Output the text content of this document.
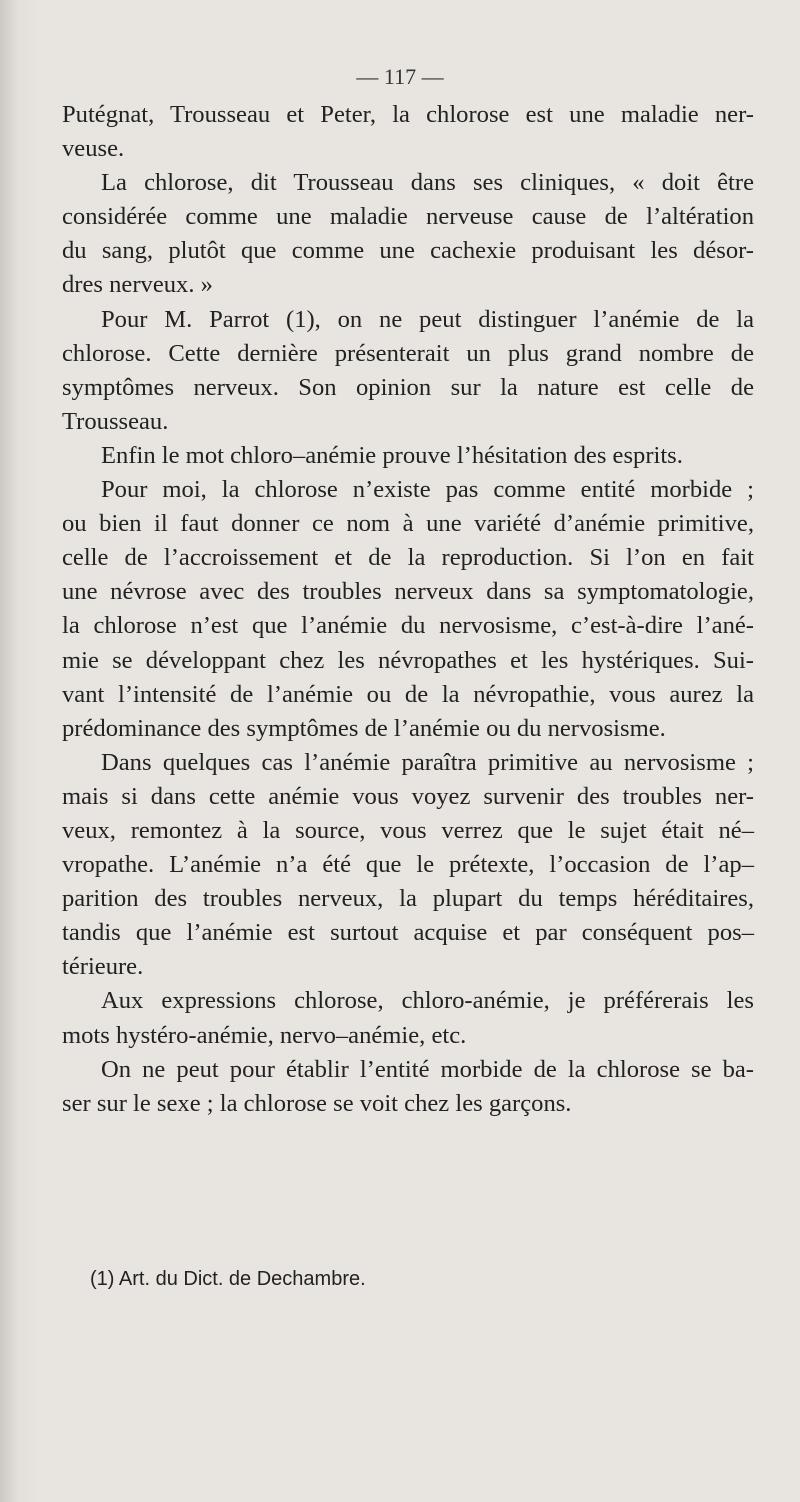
— 117 —
Putégnat, Trousseau et Peter, la chlorose est une maladie ner-
veuse.
La chlorose, dit Trousseau dans ses cliniques, « doit être
considérée comme une maladie nerveuse cause de l’altération
du sang, plutôt que comme une cachexie produisant les désor-
dres nerveux. »
Pour M. Parrot (1), on ne peut distinguer l’anémie de la
chlorose. Cette dernière présenterait un plus grand nombre de
symptômes nerveux. Son opinion sur la nature est celle de
Trousseau.
Enfin le mot chloro–anémie prouve l’hésitation des esprits.
Pour moi, la chlorose n’existe pas comme entité morbide ;
ou bien il faut donner ce nom à une variété d’anémie primitive,
celle de l’accroissement et de la reproduction. Si l’on en fait
une névrose avec des troubles nerveux dans sa symptomatologie,
la chlorose n’est que l’anémie du nervosisme, c’est-à-dire l’ané-
mie se développant chez les névropathes et les hystériques. Sui-
vant l’intensité de l’anémie ou de la névropathie, vous aurez la
prédominance des symptômes de l’anémie ou du nervosisme.
Dans quelques cas l’anémie paraîtra primitive au nervosisme ;
mais si dans cette anémie vous voyez survenir des troubles ner-
veux, remontez à la source, vous verrez que le sujet était né–
vropathe. L’anémie n’a été que le prétexte, l’occasion de l’ap–
parition des troubles nerveux, la plupart du temps héréditaires,
tandis que l’anémie est surtout acquise et par conséquent pos–
térieure.
Aux expressions chlorose, chloro-anémie, je préférerais les
mots hystéro-anémie, nervo–anémie, etc.
On ne peut pour établir l’entité morbide de la chlorose se ba-
ser sur le sexe ; la chlorose se voit chez les garçons.
(1) Art. du Dict. de Dechambre.
